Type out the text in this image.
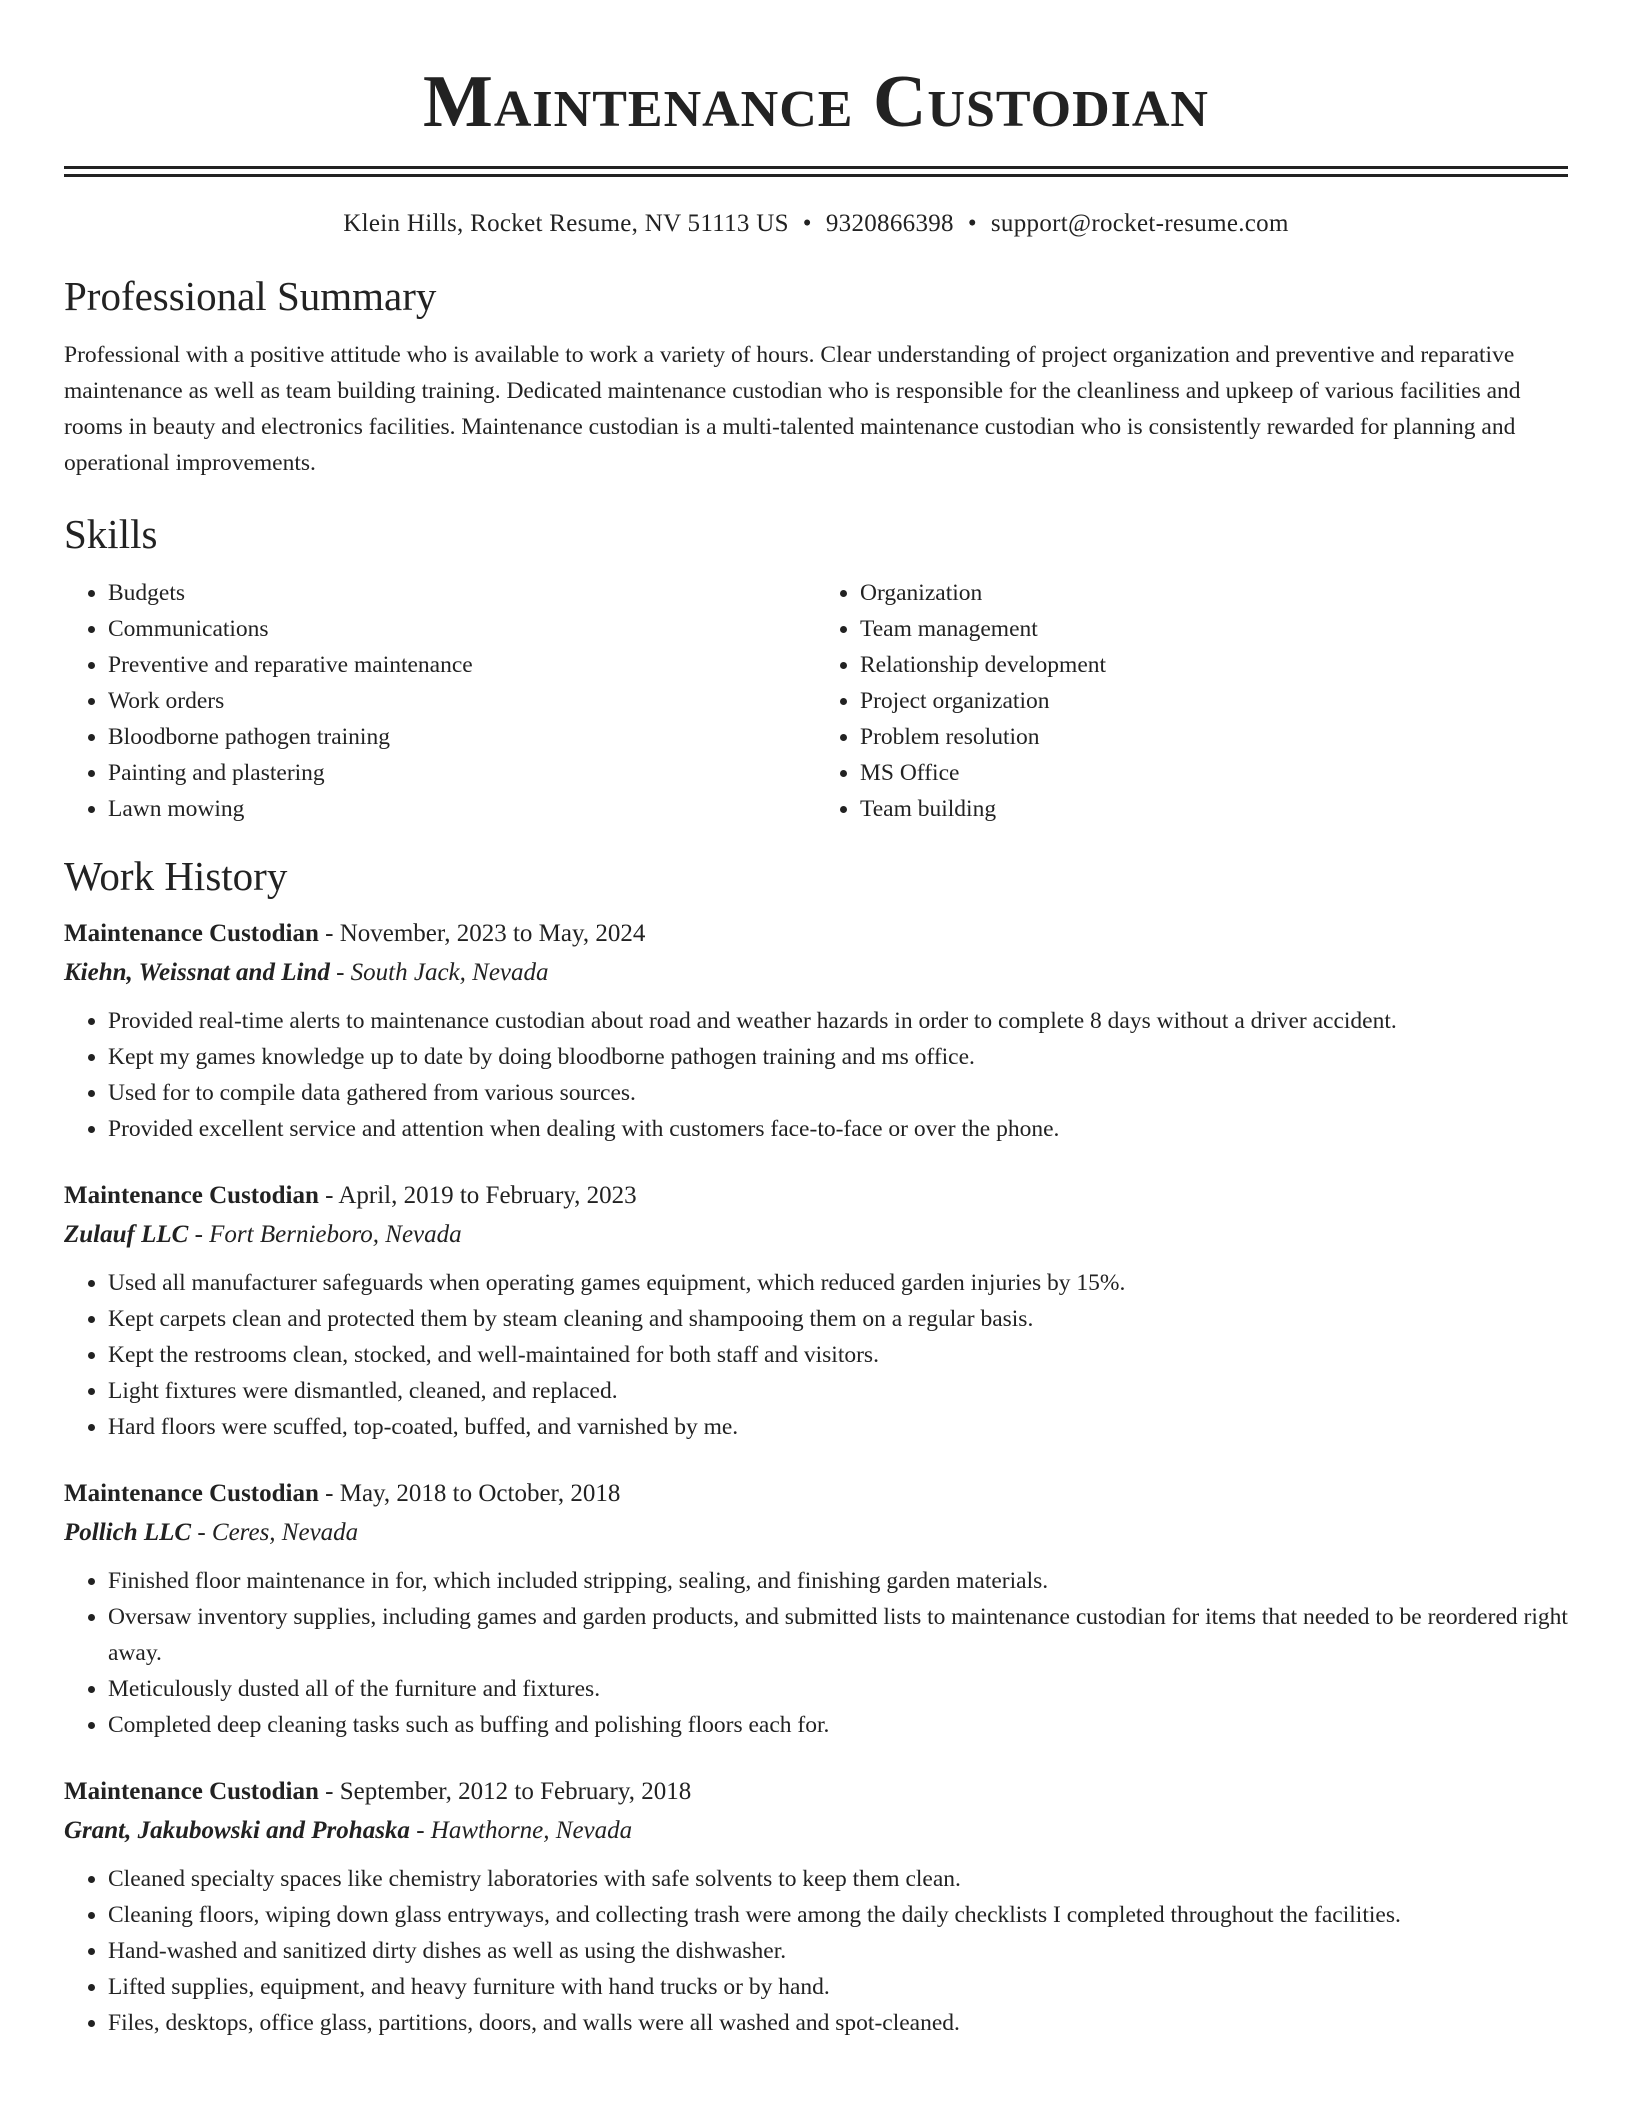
Maintenance Custodian
Klein Hills, Rocket Resume, NV 51113 US • 9320866398 • support@rocket-resume.com
Professional Summary
Professional with a positive attitude who is available to work a variety of hours. Clear understanding of project organization and preventive and reparative maintenance as well as team building training. Dedicated maintenance custodian who is responsible for the cleanliness and upkeep of various facilities and rooms in beauty and electronics facilities. Maintenance custodian is a multi-talented maintenance custodian who is consistently rewarded for planning and operational improvements.
Skills
• Budgets
• Communications
• Preventive and reparative maintenance
• Work orders
• Bloodborne pathogen training
• Painting and plastering
• Lawn mowing
• Organization
• Team management
• Relationship development
• Project organization
• Problem resolution
• MS Office
• Team building
Work History
Maintenance Custodian - November, 2023 to May, 2024
Kiehn, Weissnat and Lind - South Jack, Nevada
• Provided real-time alerts to maintenance custodian about road and weather hazards in order to complete 8 days without a driver accident.
• Kept my games knowledge up to date by doing bloodborne pathogen training and ms office.
• Used for to compile data gathered from various sources.
• Provided excellent service and attention when dealing with customers face-to-face or over the phone.
Maintenance Custodian - April, 2019 to February, 2023
Zulauf LLC - Fort Bernieboro, Nevada
• Used all manufacturer safeguards when operating games equipment, which reduced garden injuries by 15%.
• Kept carpets clean and protected them by steam cleaning and shampooing them on a regular basis.
• Kept the restrooms clean, stocked, and well-maintained for both staff and visitors.
• Light fixtures were dismantled, cleaned, and replaced.
• Hard floors were scuffed, top-coated, buffed, and varnished by me.
Maintenance Custodian - May, 2018 to October, 2018
Pollich LLC - Ceres, Nevada
• Finished floor maintenance in for, which included stripping, sealing, and finishing garden materials.
• Oversaw inventory supplies, including games and garden products, and submitted lists to maintenance custodian for items that needed to be reordered right away.
• Meticulously dusted all of the furniture and fixtures.
• Completed deep cleaning tasks such as buffing and polishing floors each for.
Maintenance Custodian - September, 2012 to February, 2018
Grant, Jakubowski and Prohaska - Hawthorne, Nevada
• Cleaned specialty spaces like chemistry laboratories with safe solvents to keep them clean.
• Cleaning floors, wiping down glass entryways, and collecting trash were among the daily checklists I completed throughout the facilities.
• Hand-washed and sanitized dirty dishes as well as using the dishwasher.
• Lifted supplies, equipment, and heavy furniture with hand trucks or by hand.
• Files, desktops, office glass, partitions, doors, and walls were all washed and spot-cleaned.
